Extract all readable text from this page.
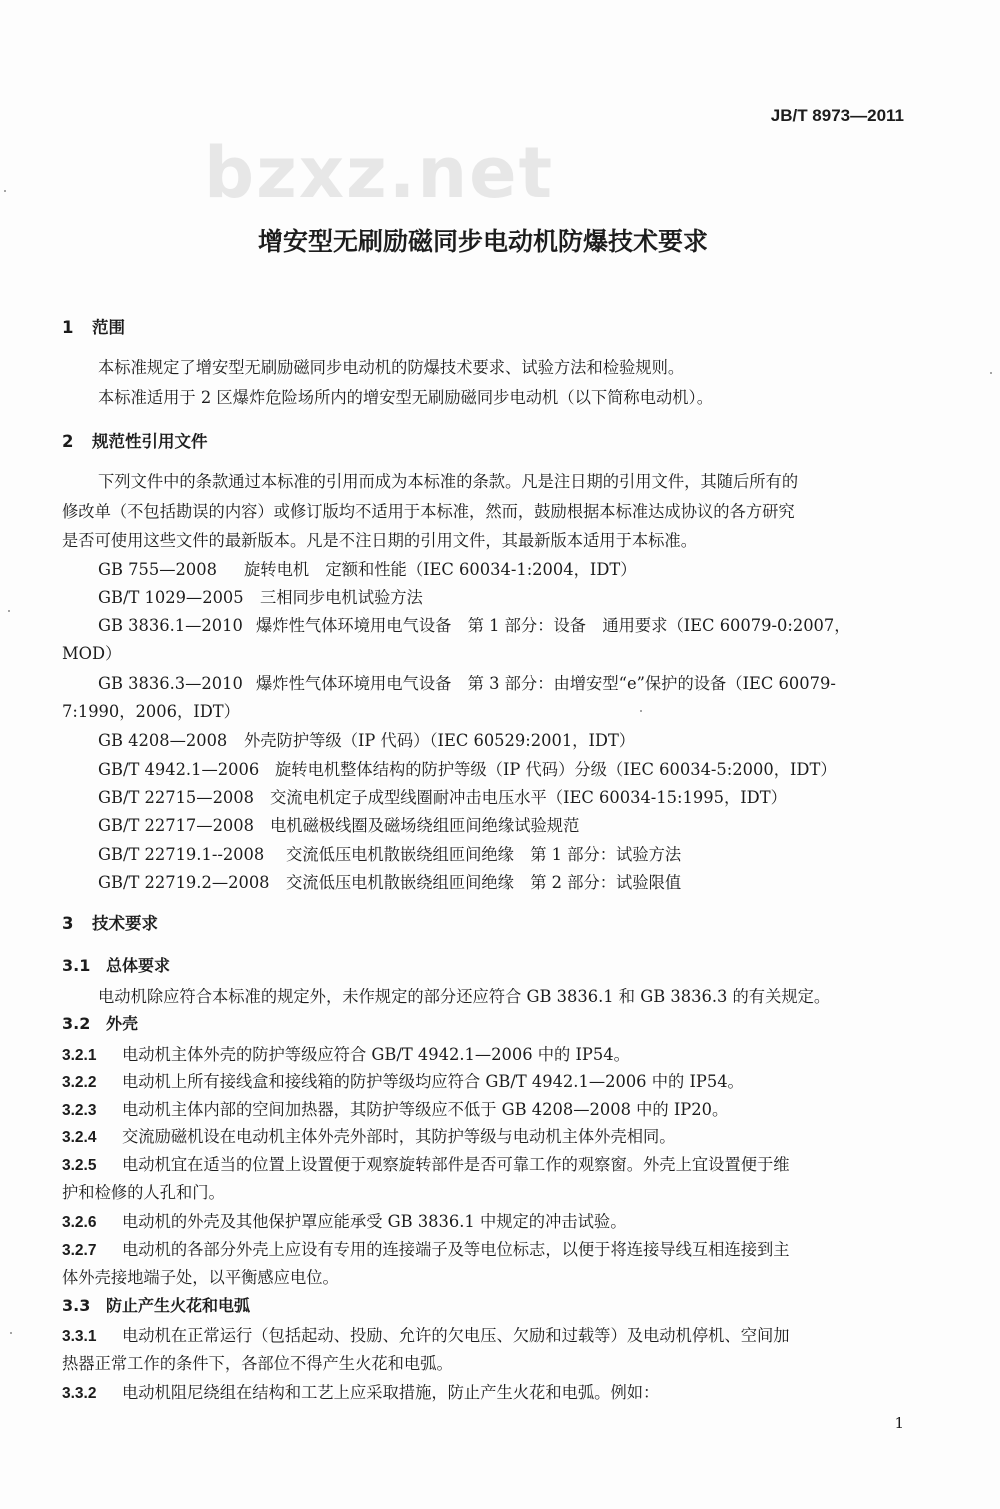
JB/T 8973—2011
bzxz.net
增安型无刷励磁同步电动机防爆技术要求
1 范围
本标准规定了增安型无刷励磁同步电动机的防爆技术要求、试验方法和检验规则。
本标准适用于 2 区爆炸危险场所内的增安型无刷励磁同步电动机（以下简称电动机）。
2 规范性引用文件
下列文件中的条款通过本标准的引用而成为本标准的条款。凡是注日期的引用文件，其随后所有的
修改单（不包括勘误的内容）或修订版均不适用于本标准，然而，鼓励根据本标准达成协议的各方研究
是否可使用这些文件的最新版本。凡是不注日期的引用文件，其最新版本适用于本标准。
GB 755—2008 旋转电机　定额和性能（IEC 60034-1:2004，IDT）
GB/T 1029—2005 三相同步电机试验方法
GB 3836.1—2010 爆炸性气体环境用电气设备　第 1 部分：设备　通用要求（IEC 60079-0:2007，
MOD）
GB 3836.3—2010 爆炸性气体环境用电气设备　第 3 部分：由增安型“e”保护的设备（IEC 60079-
7:1990，2006，IDT）
GB 4208—2008 外壳防护等级（IP 代码）（IEC 60529:2001，IDT）
GB/T 4942.1—2006 旋转电机整体结构的防护等级（IP 代码）分级（IEC 60034-5:2000，IDT）
GB/T 22715—2008 交流电机定子成型线圈耐冲击电压水平（IEC 60034-15:1995，IDT）
GB/T 22717—2008 电机磁极线圈及磁场绕组匝间绝缘试验规范
GB/T 22719.1--2008 交流低压电机散嵌绕组匝间绝缘　第 1 部分：试验方法
GB/T 22719.2—2008 交流低压电机散嵌绕组匝间绝缘　第 2 部分：试验限值
3 技术要求
3.1 总体要求
电动机除应符合本标准的规定外，未作规定的部分还应符合 GB 3836.1 和 GB 3836.3 的有关规定。
3.2 外壳
3.2.1 电动机主体外壳的防护等级应符合 GB/T 4942.1—2006 中的 IP54。
3.2.2 电动机上所有接线盒和接线箱的防护等级均应符合 GB/T 4942.1—2006 中的 IP54。
3.2.3 电动机主体内部的空间加热器，其防护等级应不低于 GB 4208—2008 中的 IP20。
3.2.4 交流励磁机设在电动机主体外壳外部时，其防护等级与电动机主体外壳相同。
3.2.5 电动机宜在适当的位置上设置便于观察旋转部件是否可靠工作的观察窗。外壳上宜设置便于维
护和检修的人孔和门。
3.2.6 电动机的外壳及其他保护罩应能承受 GB 3836.1 中规定的冲击试验。
3.2.7 电动机的各部分外壳上应设有专用的连接端子及等电位标志，以便于将连接导线互相连接到主
体外壳接地端子处，以平衡感应电位。
3.3 防止产生火花和电弧
3.3.1 电动机在正常运行（包括起动、投励、允许的欠电压、欠励和过载等）及电动机停机、空间加
热器正常工作的条件下，各部位不得产生火花和电弧。
3.3.2 电动机阻尼绕组在结构和工艺上应采取措施，防止产生火花和电弧。例如：
1
